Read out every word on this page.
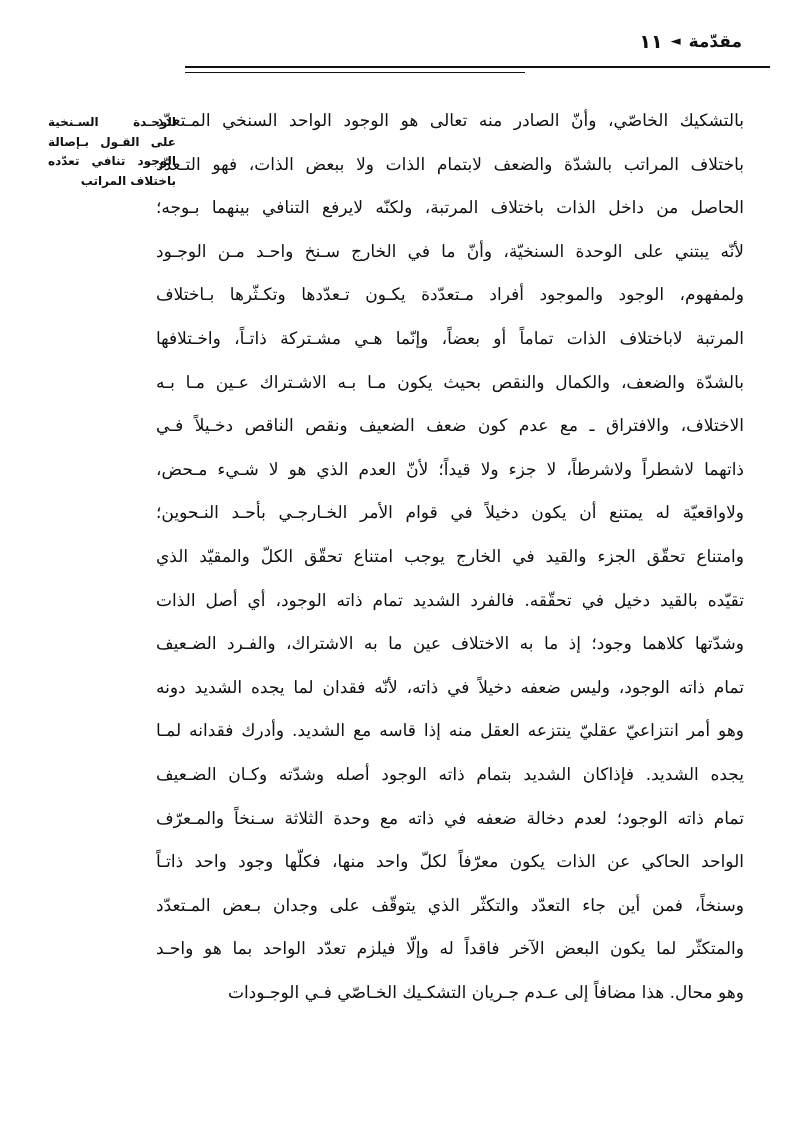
مقدّمة
◄
١١
الوحـدة السـنخية
على القـول بـإصالة
الوجود تنافي تعدّده
باختلاف المراتب
بالتشكيك الخاصّي، وأنّ الصادر منه تعالى هو الوجود الواحد السنخي المـتعدّد
باختلاف المراتب بالشدّة والضعف لابتمام الذات ولا ببعض الذات، فهو التـعدّد
الحاصل من داخل الذات باختلاف المرتبة، ولكنّه لايرفع التنافي بينهما بـوجه؛
لأنّه يبتني على الوحدة السنخيّة، وأنّ ما في الخارج سـنخ واحـد مـن الوجـود
ولمفهوم، الوجود والموجود أفراد مـتعدّدة يكـون تـعدّدها وتكـثّرها بـاختلاف
المرتبة لاباختلاف الذات تماماً أو بعضاً، وإنّما هـي مشـتركة ذاتـاً، واخـتلافها
بالشدّة والضعف، والكمال والنقص بحيث يكون مـا بـه الاشـتراك عـين مـا بـه
الاختلاف، والافتراق ـ مع عدم كون ضعف الضعيف ونقص الناقص دخـيلاً فـي
ذاتهما لاشطراً ولاشرطاً، لا جزء ولا قيداً؛ لأنّ العدم الذي هو لا شـيء مـحض،
ولاواقعيّة له يمتنع أن يكون دخيلاً في قوام الأمر الخـارجـي بأحـد النـحوين؛
وامتناع تحقّق الجزء والقيد في الخارج يوجب امتناع تحقّق الكلّ والمقيّد الذي
تقيّده بالقيد دخيل في تحقّقه. فالفرد الشديد تمام ذاته الوجود، أي أصل الذات
وشدّتها كلاهما وجود؛ إذ ما به الاختلاف عين ما به الاشتراك، والفـرد الضـعيف
تمام ذاته الوجود، وليس ضعفه دخيلاً في ذاته، لأنّه فقدان لما يجده الشديد دونه
وهو أمر انتزاعيّ عقليّ ينتزعه العقل منه إذا قاسه مع الشديد. وأدرك فقدانه لمـا
يجده الشديد. فإذاكان الشديد بتمام ذاته الوجود أصله وشدّته وكـان الضـعيف
تمام ذاته الوجود؛ لعدم دخالة ضعفه في ذاته مع وحدة الثلاثة سـنخاً والمـعرّف
الواحد الحاكي عن الذات يكون معرّفاً لكلّ واحد منها، فكلّها وجود واحد ذاتـاً
وسنخاً، فمن أين جاء التعدّد والتكثّر الذي يتوقّف على وجدان بـعض المـتعدّد
والمتكثّر لما يكون البعض الآخر فاقداً له وإلّا فيلزم تعدّد الواحد بما هو واحـد
وهو محال. هذا مضافاً إلى عـدم جـريان التشكـيك الخـاصّي فـي الوجـودات
